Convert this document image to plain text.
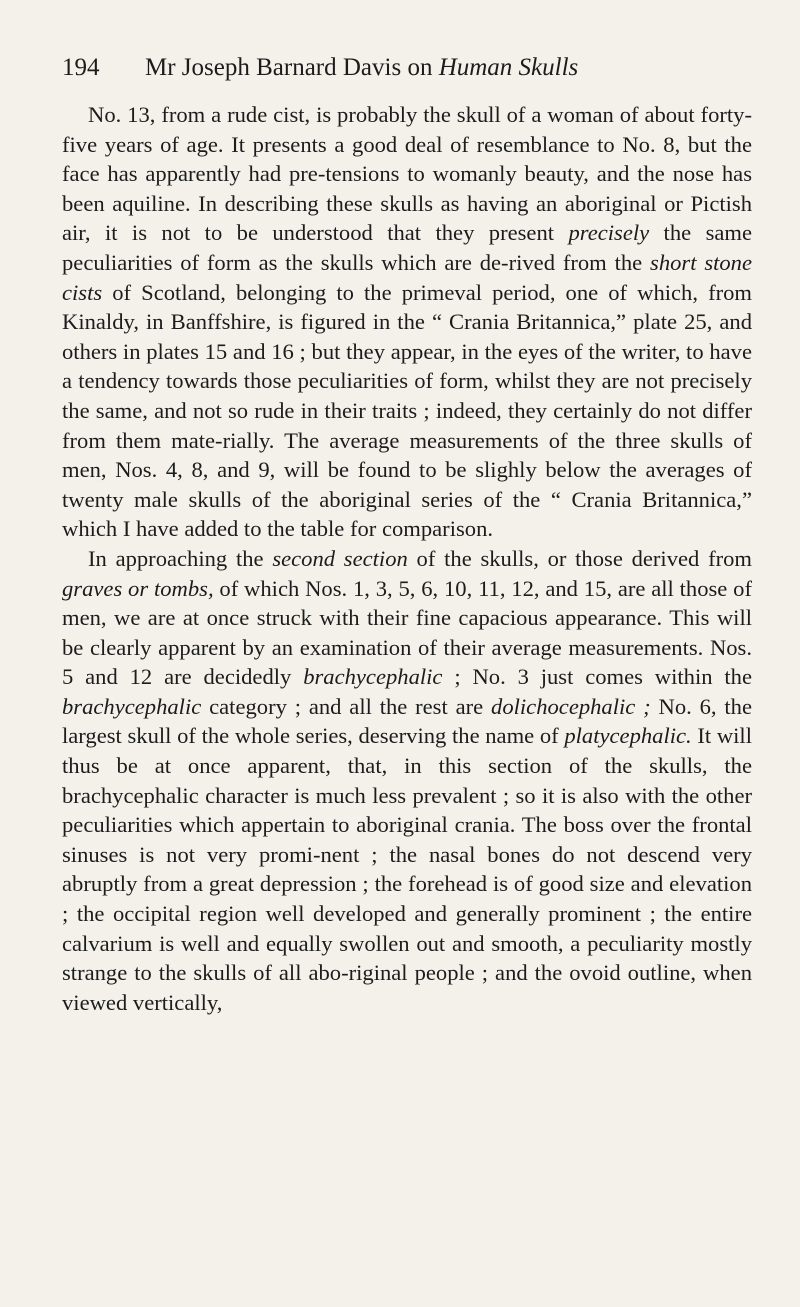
194 Mr Joseph Barnard Davis on Human Skulls

No. 13, from a rude cist, is probably the skull of a woman of about forty-five years of age. It presents a good deal of resemblance to No. 8, but the face has apparently had pre-tensions to womanly beauty, and the nose has been aquiline. In describing these skulls as having an aboriginal or Pictish air, it is not to be understood that they present precisely the same peculiarities of form as the skulls which are de-rived from the short stone cists of Scotland, belonging to the primeval period, one of which, from Kinaldy, in Banffshire, is figured in the “ Crania Britannica,” plate 25, and others in plates 15 and 16 ; but they appear, in the eyes of the writer, to have a tendency towards those peculiarities of form, whilst they are not precisely the same, and not so rude in their traits ; indeed, they certainly do not differ from them mate-rially. The average measurements of the three skulls of men, Nos. 4, 8, and 9, will be found to be slighly below the averages of twenty male skulls of the aboriginal series of the “ Crania Britannica,” which I have added to the table for comparison.

In approaching the second section of the skulls, or those derived from graves or tombs, of which Nos. 1, 3, 5, 6, 10, 11, 12, and 15, are all those of men, we are at once struck with their fine capacious appearance. This will be clearly apparent by an examination of their average measurements. Nos. 5 and 12 are decidedly brachycephalic ; No. 3 just comes within the brachycephalic category ; and all the rest are dolichocephalic ; No. 6, the largest skull of the whole series, deserving the name of platycephalic. It will thus be at once apparent, that, in this section of the skulls, the brachycephalic character is much less prevalent ; so it is also with the other peculiarities which appertain to aboriginal crania. The boss over the frontal sinuses is not very promi-nent ; the nasal bones do not descend very abruptly from a great depression ; the forehead is of good size and elevation ; the occipital region well developed and generally prominent ; the entire calvarium is well and equally swollen out and smooth, a peculiarity mostly strange to the skulls of all abo-riginal people ; and the ovoid outline, when viewed vertically,
